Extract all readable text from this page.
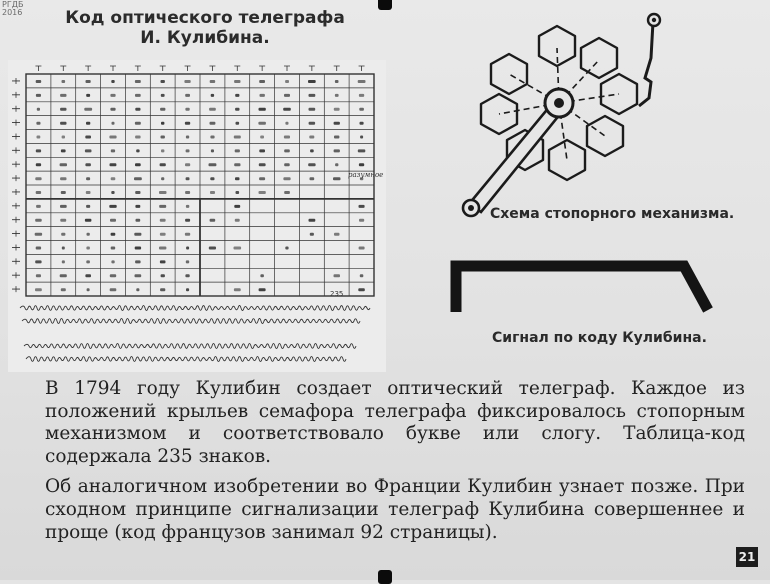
РГДБ
2016	Код оптического телеграфа
И. Кулибина.
разумное
235
Схема стопорного механизма.
Сигнал по коду Кулибина.

В 1794 году Кулибин создает оптический телеграф. Каждое из положений крыльев семафора телеграфа фиксировалось стопорным механизмом и соответствовало букве или слогу. Таблица-код содержала 235 знаков.

Об аналогичном изобретении во Франции Кулибин узнает позже. При сходном принципе сигнализации телеграф Кулибина совершеннее и проще (код французов занимал 92 страницы).

21
